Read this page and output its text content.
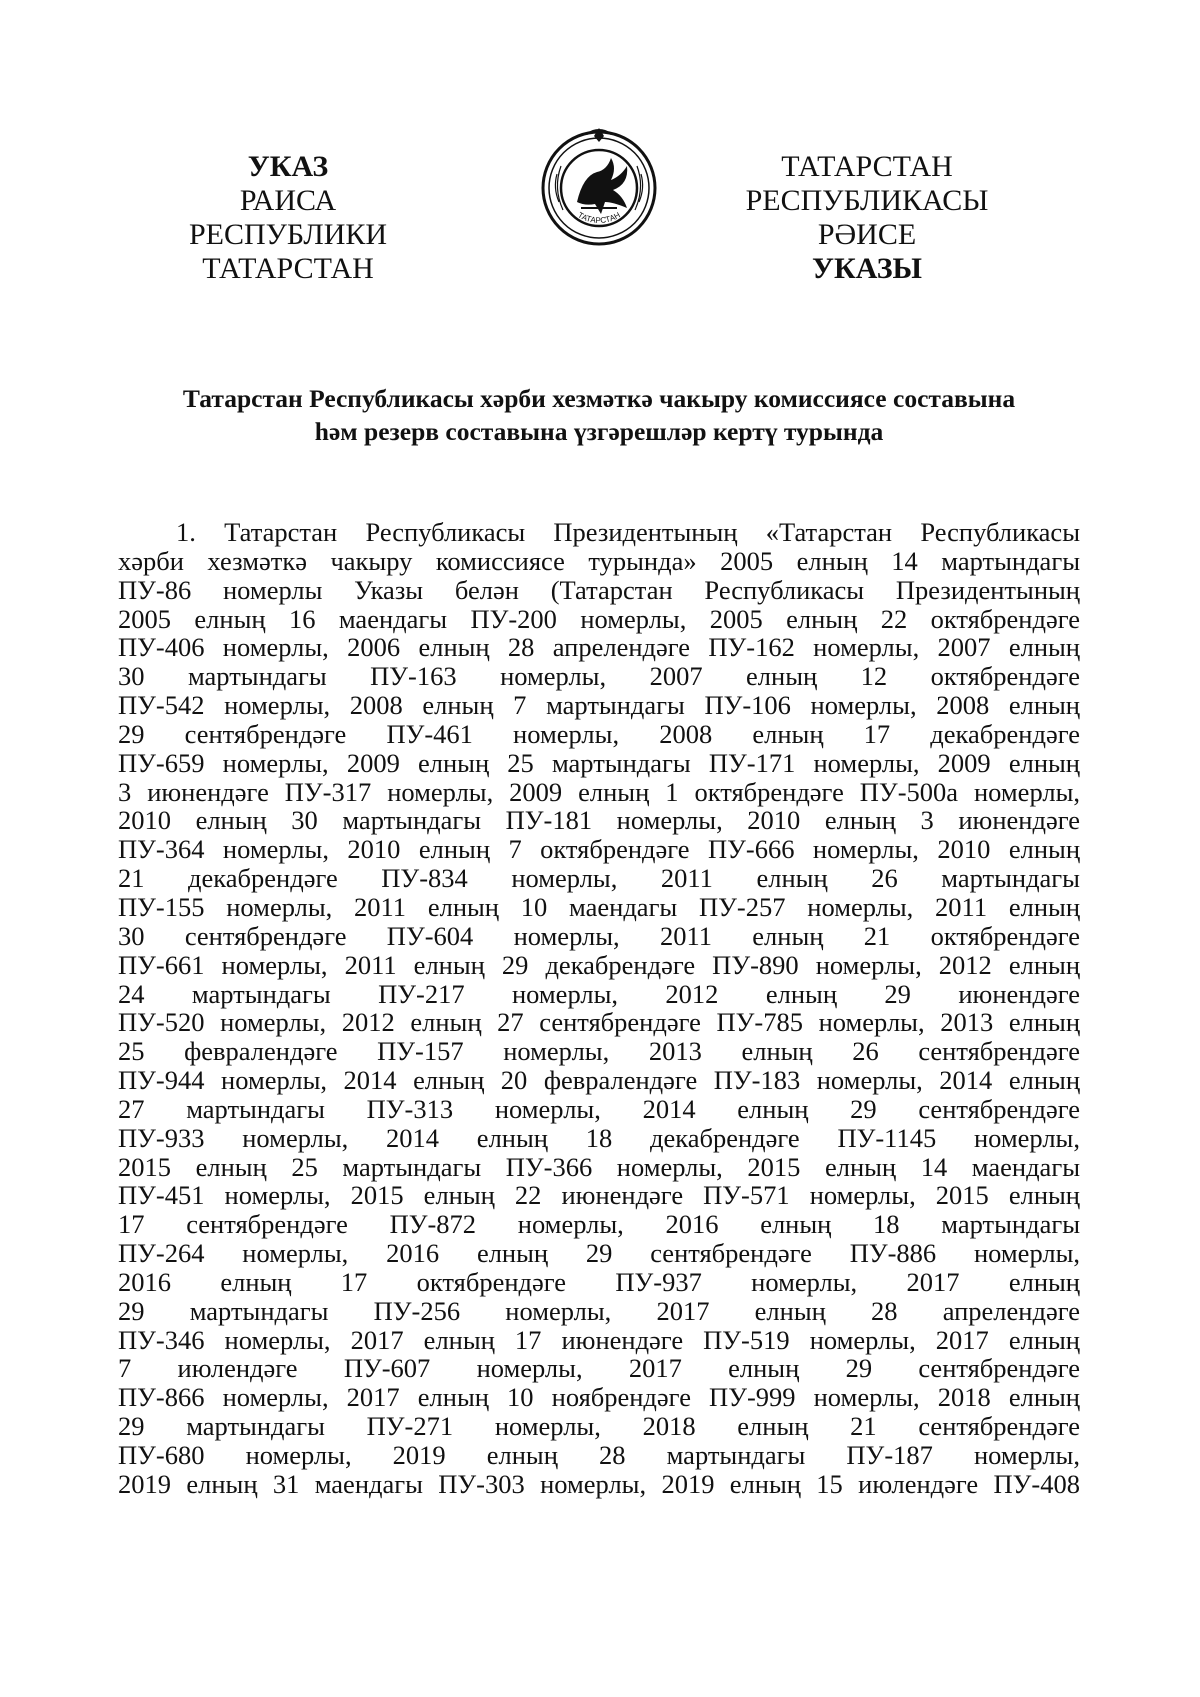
УКАЗ
РАИСА
РЕСПУБЛИКИ ТАТАРСТАН
ТАТАРСТАН
ТАТАРСТАН РЕСПУБЛИКАСЫ
РӘИСЕ
УКАЗЫ
Татарстан Республикасы хәрби хезмәткә чакыру комиссиясе составына
һәм резерв составына үзгәрешләр кертү турында
1. Татарстан Республикасы Президентының «Татарстан Республикасы
хәрби хезмәткә чакыру комиссиясе турында» 2005 елның 14 мартындагы
ПУ-86 номерлы Указы белән (Татарстан Республикасы Президентының
2005 елның 16 маендагы ПУ-200 номерлы, 2005 елның 22 октябрендәге
ПУ-406 номерлы, 2006 елның 28 апрелендәге ПУ-162 номерлы, 2007 елның
30 мартындагы ПУ-163 номерлы, 2007 елның 12 октябрендәге
ПУ-542 номерлы, 2008 елның 7 мартындагы ПУ-106 номерлы, 2008 елның
29 сентябрендәге ПУ-461 номерлы, 2008 елның 17 декабрендәге
ПУ-659 номерлы, 2009 елның 25 мартындагы ПУ-171 номерлы, 2009 елның
3 июнендәге ПУ-317 номерлы, 2009 елның 1 октябрендәге ПУ-500а номерлы,
2010 елның 30 мартындагы ПУ-181 номерлы, 2010 елның 3 июнендәге
ПУ-364 номерлы, 2010 елның 7 октябрендәге ПУ-666 номерлы, 2010 елның
21 декабрендәге ПУ-834 номерлы, 2011 елның 26 мартындагы
ПУ-155 номерлы, 2011 елның 10 маендагы ПУ-257 номерлы, 2011 елның
30 сентябрендәге ПУ-604 номерлы, 2011 елның 21 октябрендәге
ПУ-661 номерлы, 2011 елның 29 декабрендәге ПУ-890 номерлы, 2012 елның
24 мартындагы ПУ-217 номерлы, 2012 елның 29 июнендәге
ПУ-520 номерлы, 2012 елның 27 сентябрендәге ПУ-785 номерлы, 2013 елның
25 февралендәге ПУ-157 номерлы, 2013 елның 26 сентябрендәге
ПУ-944 номерлы, 2014 елның 20 февралендәге ПУ-183 номерлы, 2014 елның
27 мартындагы ПУ-313 номерлы, 2014 елның 29 сентябрендәге
ПУ-933 номерлы, 2014 елның 18 декабрендәге ПУ-1145 номерлы,
2015 елның 25 мартындагы ПУ-366 номерлы, 2015 елның 14 маендагы
ПУ-451 номерлы, 2015 елның 22 июнендәге ПУ-571 номерлы, 2015 елның
17 сентябрендәге ПУ-872 номерлы, 2016 елның 18 мартындагы
ПУ-264 номерлы, 2016 елның 29 сентябрендәге ПУ-886 номерлы,
2016 елның 17 октябрендәге ПУ-937 номерлы, 2017 елның
29 мартындагы ПУ-256 номерлы, 2017 елның 28 апрелендәге
ПУ-346 номерлы, 2017 елның 17 июнендәге ПУ-519 номерлы, 2017 елның
7 июлендәге ПУ-607 номерлы, 2017 елның 29 сентябрендәге
ПУ-866 номерлы, 2017 елның 10 ноябрендәге ПУ-999 номерлы, 2018 елның
29 мартындагы ПУ-271 номерлы, 2018 елның 21 сентябрендәге
ПУ-680 номерлы, 2019 елның 28 мартындагы ПУ-187 номерлы,
2019 елның 31 маендагы ПУ-303 номерлы, 2019 елның 15 июлендәге ПУ-408
